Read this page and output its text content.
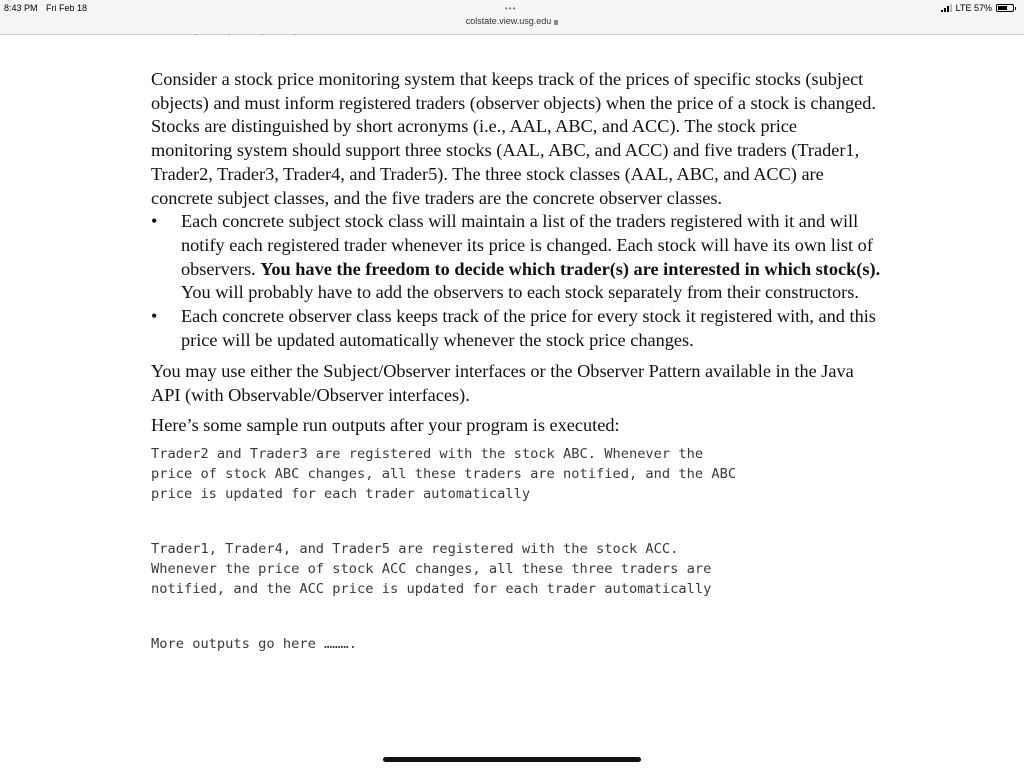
8:43 PM Fri Feb 18	•••
colstate.view.usg.edu
LTE 57%
- - - -

Consider a stock price monitoring system that keeps track of the prices of specific stocks (subject objects) and must inform registered traders (observer objects) when the price of a stock is changed. Stocks are distinguished by short acronyms (i.e., AAL, ABC, and ACC). The stock price monitoring system should support three stocks (AAL, ABC, and ACC) and five traders (Trader1, Trader2, Trader3, Trader4, and Trader5). The three stock classes (AAL, ABC, and ACC) are concrete subject classes, and the five traders are the concrete observer classes.

• Each concrete subject stock class will maintain a list of the traders registered with it and will notify each registered trader whenever its price is changed. Each stock will have its own list of observers. You have the freedom to decide which trader(s) are interested in which stock(s). You will probably have to add the observers to each stock separately from their constructors.

• Each concrete observer class keeps track of the price for every stock it registered with, and this price will be updated automatically whenever the stock price changes.

You may use either the Subject/Observer interfaces or the Observer Pattern available in the Java API (with Observable/Observer interfaces).

Here’s some sample run outputs after your program is executed:

Trader2 and Trader3 are registered with the stock ABC. Whenever the
price of stock ABC changes, all these traders are notified, and the ABC
price is updated for each trader automatically
Trader1, Trader4, and Trader5 are registered with the stock ACC.
Whenever the price of stock ACC changes, all these three traders are
notified, and the ACC price is updated for each trader automatically
More outputs go here ……….
